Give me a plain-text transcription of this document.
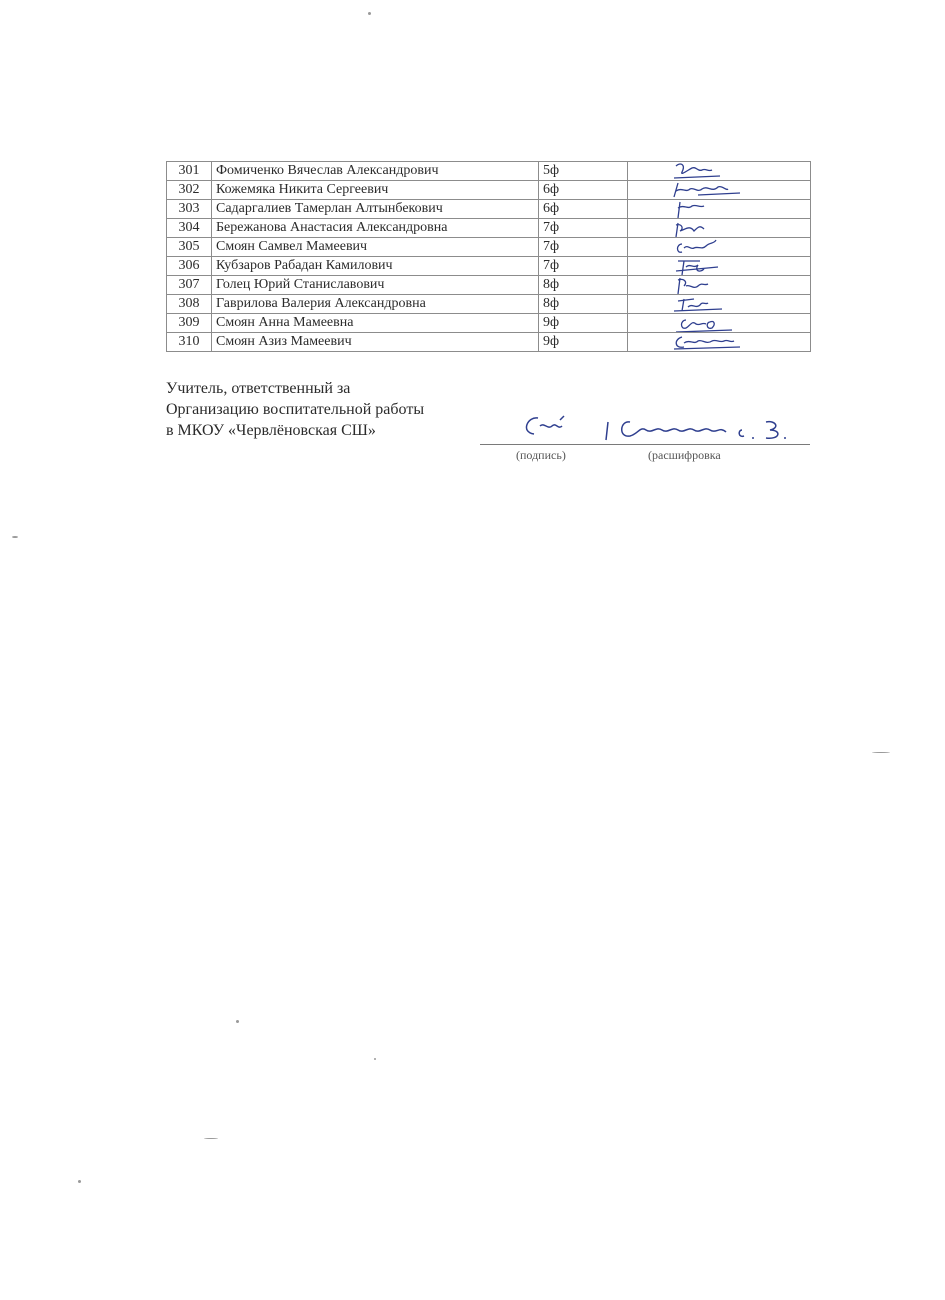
301	Фомиченко Вячеслав Александрович	5ф	

302	Кожемяка Никита Сергеевич	6ф	

303	Садаргалиев Тамерлан Алтынбекович	6ф	

304	Бережанова Анастасия Александровна	7ф	

305	Смоян Самвел Мамеевич	7ф	

306	Кубзаров Рабадан Камилович	7ф	

307	Голец Юрий Станиславович	8ф	

308	Гаврилова Валерия Александровна	8ф	

309	Смоян Анна Мамеевна	9ф	

310	Смоян Азиз Мамеевич	9ф	
Учитель, ответственный за
Организацию воспитательной работы
в МКОУ «Червлёновская СШ»
(подпись)	(расшифровка
